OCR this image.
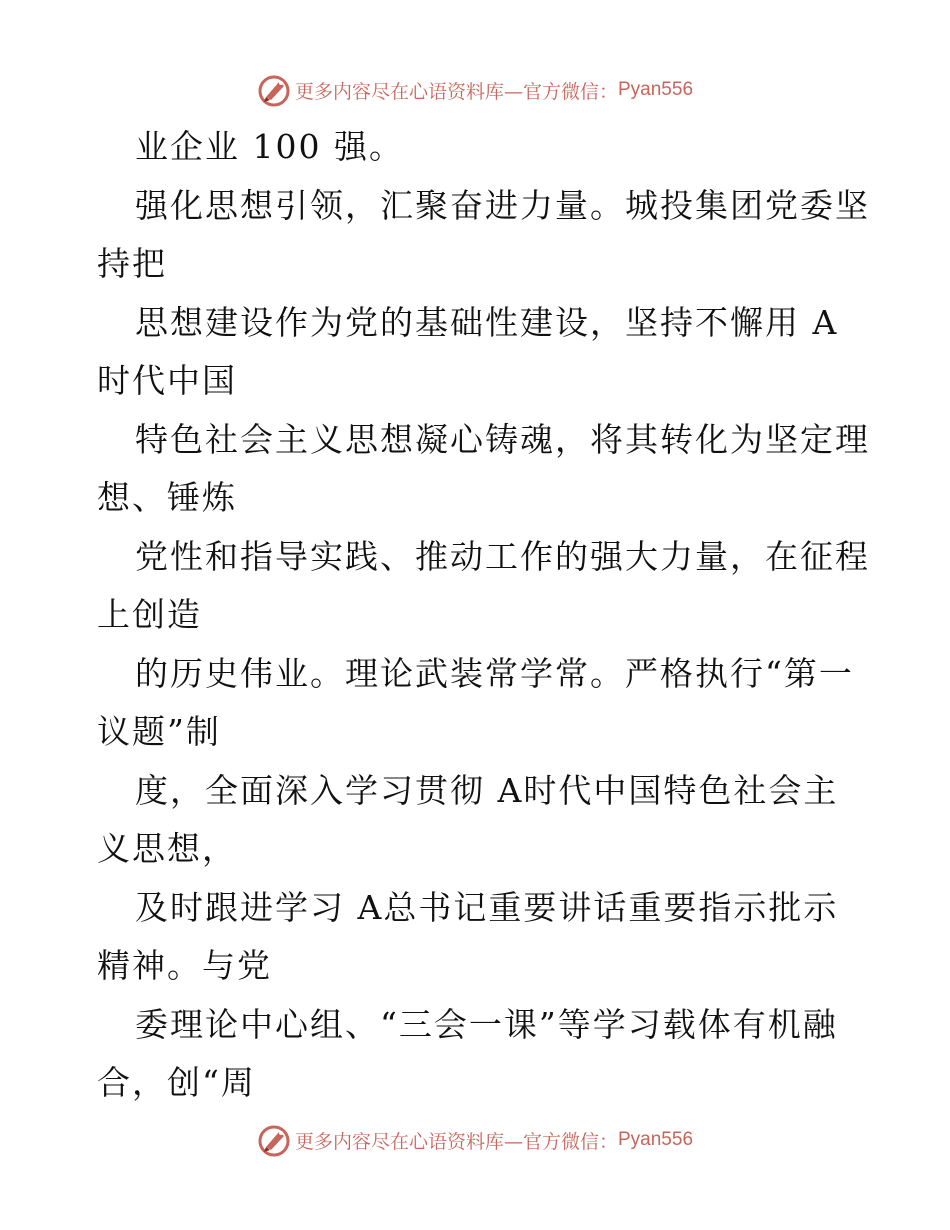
更多内容尽在心语资料库—官方微信： Pyan556
业企业 100 强。
强化思想引领，汇聚奋进力量。城投集团党委坚
持把
思想建设作为党的基础性建设，坚持不懈用 A
时代中国
特色社会主义思想凝心铸魂，将其转化为坚定理
想、锤炼
党性和指导实践、推动工作的强大力量，在征程
上创造
的历史伟业。理论武装常学常。严格执行“第一
议题”制
度，全面深入学习贯彻 A时代中国特色社会主
义思想，
及时跟进学习 A总书记重要讲话重要指示批示
精神。与党
委理论中心组、“三会一课”等学习载体有机融
合，创“周
更多内容尽在心语资料库—官方微信： Pyan556
